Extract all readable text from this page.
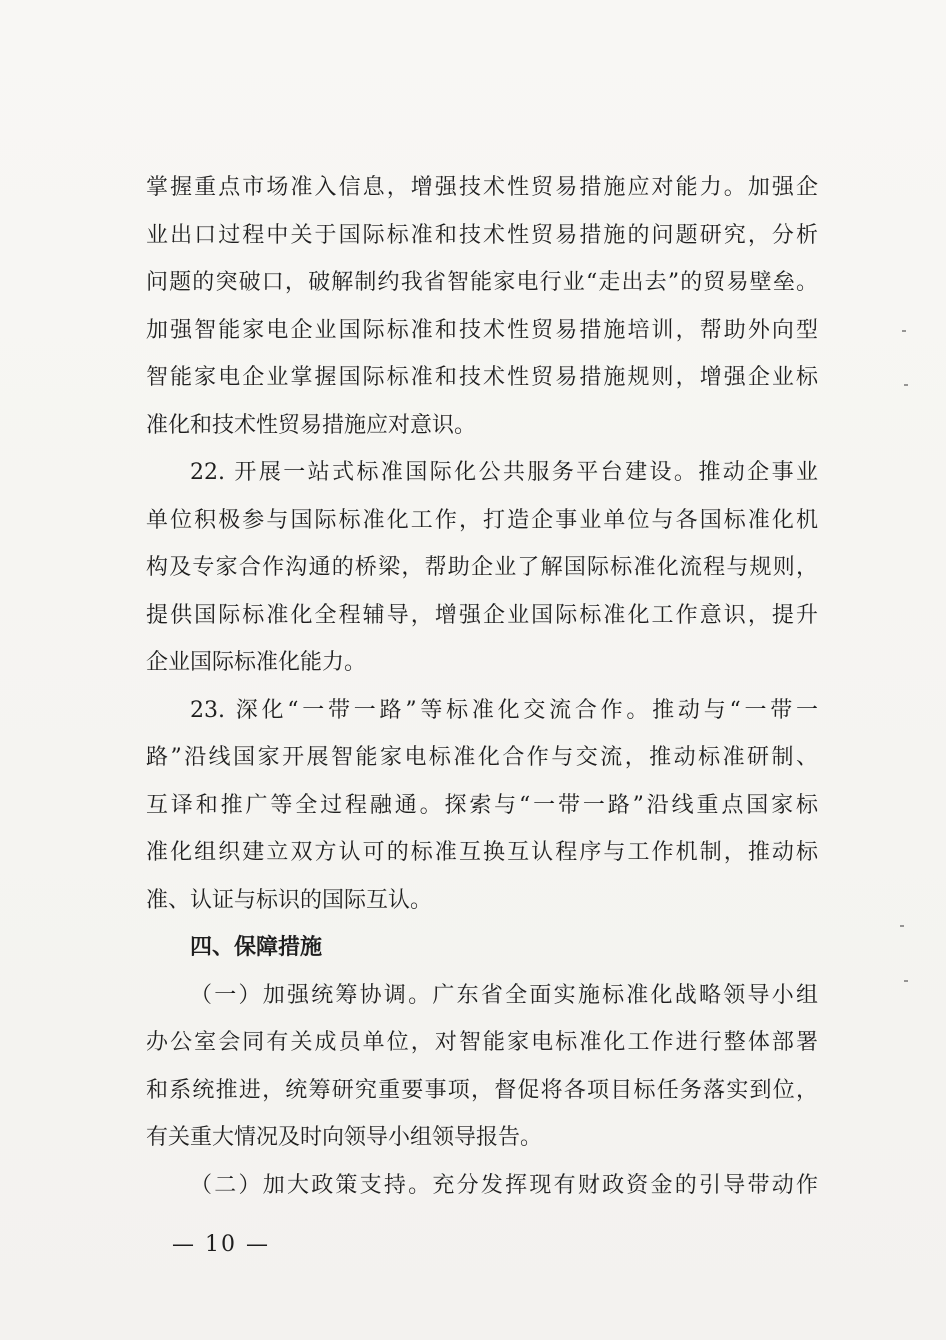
掌握重点市场准入信息，增强技术性贸易措施应对能力。加强企
业出口过程中关于国际标准和技术性贸易措施的问题研究，分析
问题的突破口，破解制约我省智能家电行业“走出去”的贸易壁垒。
加强智能家电企业国际标准和技术性贸易措施培训，帮助外向型
智能家电企业掌握国际标准和技术性贸易措施规则，增强企业标
准化和技术性贸易措施应对意识。
22. 开展一站式标准国际化公共服务平台建设。推动企事业
单位积极参与国际标准化工作，打造企事业单位与各国标准化机
构及专家合作沟通的桥梁，帮助企业了解国际标准化流程与规则，
提供国际标准化全程辅导，增强企业国际标准化工作意识，提升
企业国际标准化能力。
23. 深化“一带一路”等标准化交流合作。推动与“一带一
路”沿线国家开展智能家电标准化合作与交流，推动标准研制、
互译和推广等全过程融通。探索与“一带一路”沿线重点国家标
准化组织建立双方认可的标准互换互认程序与工作机制，推动标
准、认证与标识的国际互认。
四、保障措施
（一）加强统筹协调。广东省全面实施标准化战略领导小组
办公室会同有关成员单位，对智能家电标准化工作进行整体部署
和系统推进，统筹研究重要事项，督促将各项目标任务落实到位，
有关重大情况及时向领导小组领导报告。
（二）加大政策支持。充分发挥现有财政资金的引导带动作
— 10 —
